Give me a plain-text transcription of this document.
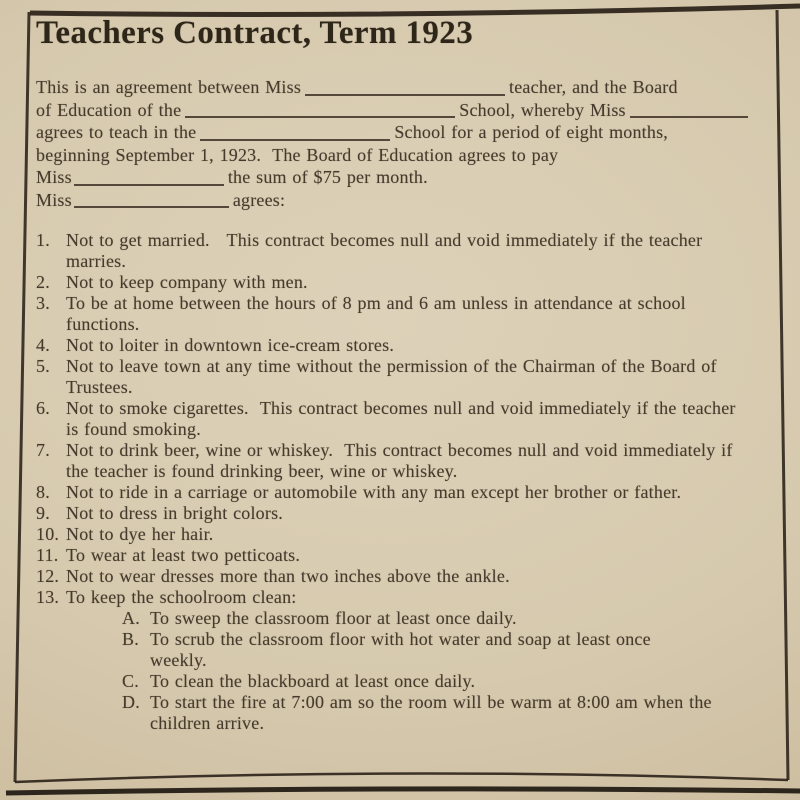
Teachers Contract, Term 1923
This is an agreement between Miss	teacher, and the Board
of Education of the	School, whereby Miss
agrees to teach in the	School for a period of eight months,
beginning September 1, 1923.  The Board of Education agrees to pay
Miss	the sum of $75 per month.
Miss	agrees:
1. Not to get married.   This contract becomes null and void immediately if the teacher marries.
2. Not to keep company with men.
3. To be at home between the hours of 8 pm and 6 am unless in attendance at school functions.
4. Not to loiter in downtown ice-cream stores.
5. Not to leave town at any time without the permission of the Chairman of the Board of Trustees.
6. Not to smoke cigarettes.  This contract becomes null and void immediately if the teacher is found smoking.
7. Not to drink beer, wine or whiskey.  This contract becomes null and void immediately if the teacher is found drinking beer, wine or whiskey.
8. Not to ride in a carriage or automobile with any man except her brother or father.
9. Not to dress in bright colors.
10. Not to dye her hair.
11. To wear at least two petticoats.
12. Not to wear dresses more than two inches above the ankle.
13. To keep the schoolroom clean:
A. To sweep the classroom floor at least once daily.
B. To scrub the classroom floor with hot water and soap at least once weekly.
C. To clean the blackboard at least once daily.
D. To start the fire at 7:00 am so the room will be warm at 8:00 am when the children arrive.
